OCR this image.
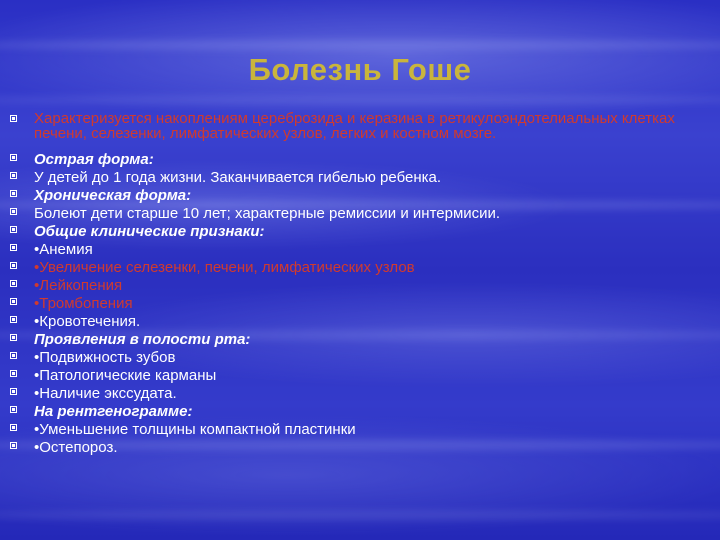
Болезнь Гоше
Характеризуется накоплениям цереброзида и керазина в ретикулоэндотелиальных клетках печени, селезенки, лимфатических узлов, легких и костном мозге.
Острая форма:
У детей до 1 года жизни. Заканчивается гибелью ребенка.
Хроническая форма:
Болеют дети старше 10 лет; характерные ремиссии и интермисии.
Общие клинические признаки:
•Анемия
•Увеличение селезенки, печени, лимфатических узлов
•Лейкопения
•Тромбопения
•Кровотечения.
Проявления в полости рта:
•Подвижность зубов
•Патологические карманы
•Наличие экссудата.
На рентгенограмме:
•Уменьшение толщины компактной пластинки
•Остепороз.
